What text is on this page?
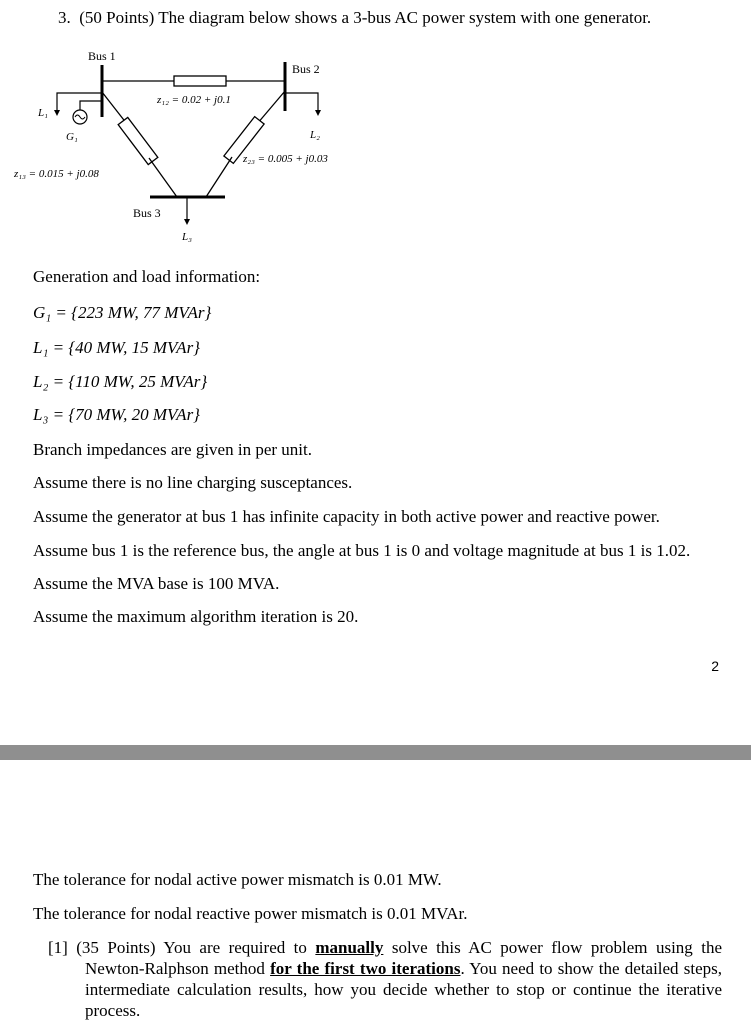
3. (50 Points) The diagram below shows a 3-bus AC power system with one generator.
Bus 1
Bus 2
Bus 3
z₁₂ = 0.02 + j0.1
z₁₃ = 0.015 + j0.08
z₂₃ = 0.005 + j0.03
L₁
G₁	L₂
L₃
Generation and load information:
G₁ = {223 MW, 77 MVAr}
L₁ = {40 MW, 15 MVAr}
L₂ = {110 MW, 25 MVAr}
L₃ = {70 MW, 20 MVAr}
Branch impedances are given in per unit.
Assume there is no line charging susceptances.
Assume the generator at bus 1 has infinite capacity in both active power and reactive power.
Assume bus 1 is the reference bus, the angle at bus 1 is 0 and voltage magnitude at bus 1 is 1.02.
Assume the MVA base is 100 MVA.
Assume the maximum algorithm iteration is 20.
2
The tolerance for nodal active power mismatch is 0.01 MW.
The tolerance for nodal reactive power mismatch is 0.01 MVAr.
[1] (35 Points) You are required to manually solve this AC power flow problem using the Newton-Ralphson method for the first two iterations. You need to show the detailed steps, intermediate calculation results, how you decide whether to stop or continue the iterative process.
